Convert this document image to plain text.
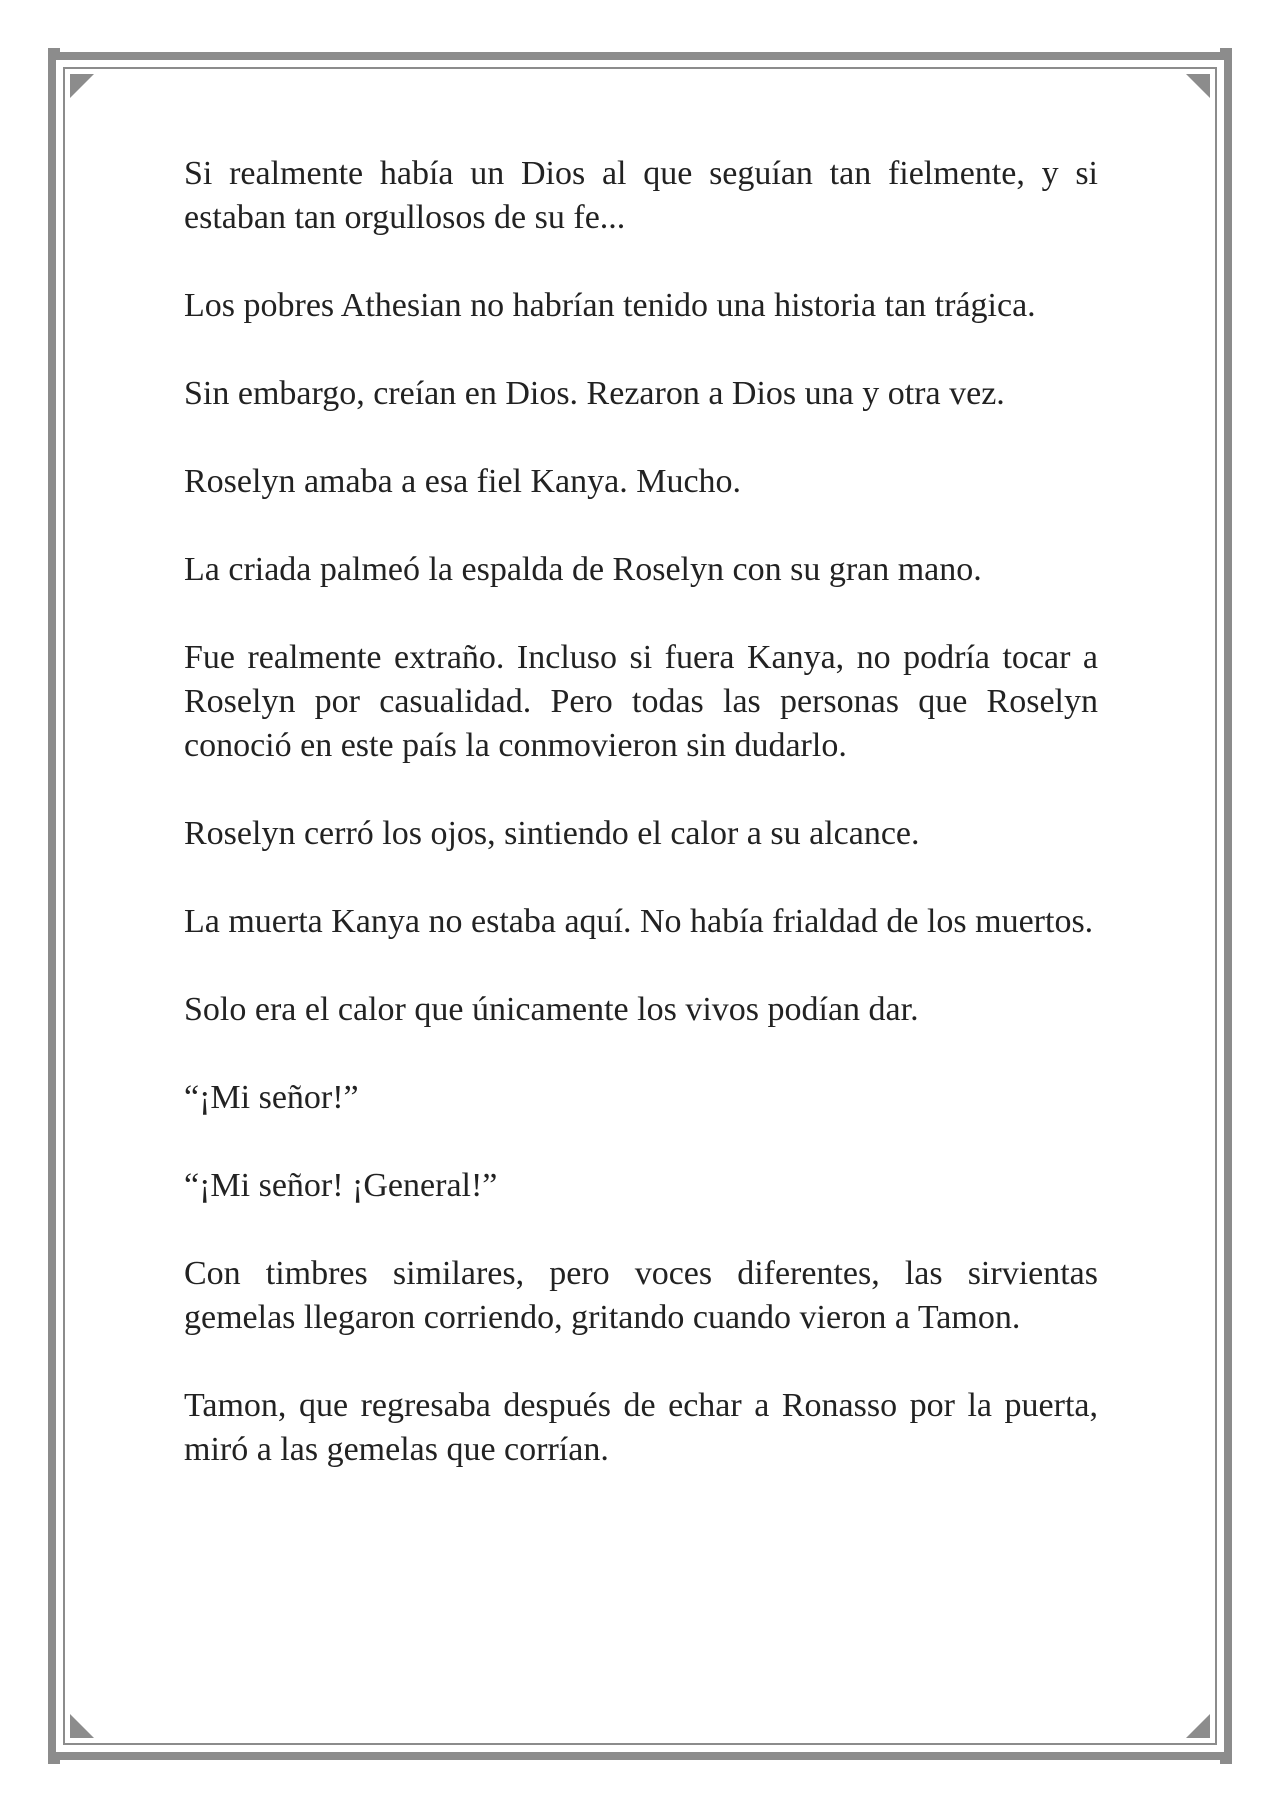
Si realmente había un Dios al que seguían tan fielmente, y si estaban tan orgullosos de su fe...

Los pobres Athesian no habrían tenido una historia tan trágica.

Sin embargo, creían en Dios. Rezaron a Dios una y otra vez.

Roselyn amaba a esa fiel Kanya. Mucho.

La criada palmeó la espalda de Roselyn con su gran mano.

Fue realmente extraño. Incluso si fuera Kanya, no podría tocar a Roselyn por casualidad. Pero todas las personas que Roselyn conoció en este país la conmovieron sin dudarlo.

Roselyn cerró los ojos, sintiendo el calor a su alcance.

La muerta Kanya no estaba aquí. No había frialdad de los muertos.

Solo era el calor que únicamente los vivos podían dar.

“¡Mi señor!”

“¡Mi señor! ¡General!”

Con timbres similares, pero voces diferentes, las sirvientas gemelas llegaron corriendo, gritando cuando vieron a Tamon.

Tamon, que regresaba después de echar a Ronasso por la puerta, miró a las gemelas que corrían.
